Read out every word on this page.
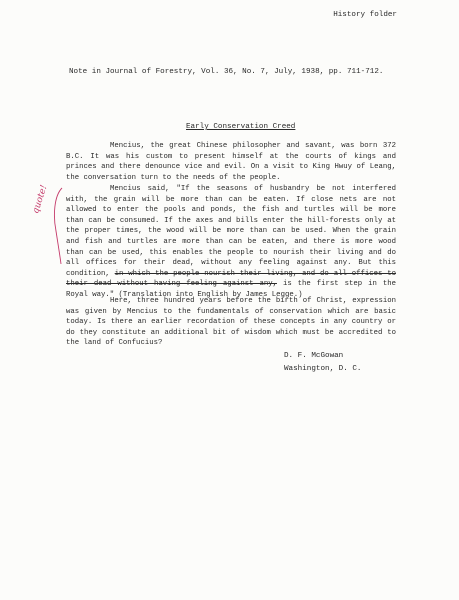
History folder
Note in Journal of Forestry, Vol. 36, No. 7, July, 1938, pp. 711-712.
Early Conservation Creed
Mencius, the great Chinese philosopher and savant, was born 372 B.C. It was his custom to present himself at the courts of kings and princes and there denounce vice and evil. On a visit to King Hwuy of Leang, the conversation turn to the needs of the people.
Mencius said, "If the seasons of husbandry be not interfered with, the grain will be more than can be eaten. If close nets are not allowed to enter the pools and ponds, the fish and turtles will be more than can be consumed. If the axes and bills enter the hill-forests only at the proper times, the wood will be more than can be used. When the grain and fish and turtles are more than can be eaten, and there is more wood than can be used, this enables the people to nourish their living and do all offices for their dead, without any feeling against any. But this condition, in which the people nourish their living, and do all offices to their dead without having feeling against any, is the first step in the Royal way." (Translation into English by James Legge.)
Here, three hundred years before the birth of Christ, expression was given by Mencius to the fundamentals of conservation which are basic today. Is there an earlier recordation of these concepts in any country or do they constitute an additional bit of wisdom which must be accredited to the land of Confucius?
D. F. McGowan
Washington, D. C.
quote!
